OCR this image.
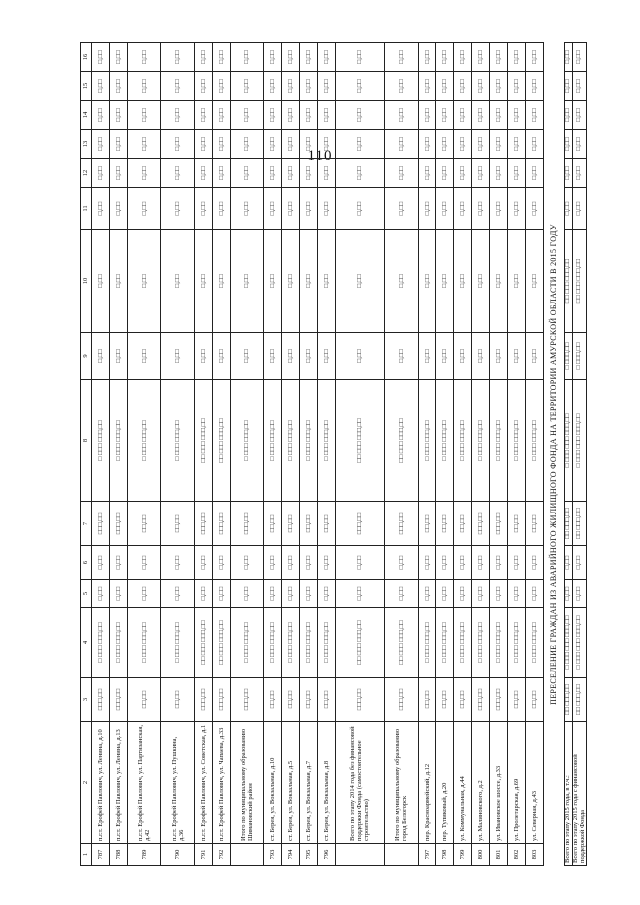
110
1	2	3	4	5	6	7	8	9	10	11	12	13	14	15	16
787	п.г.т. Ерофей Павлович, ул. Ленина, д.10	□□□,□□	□ □□□ □□□,□□	□,□□	□,□□	□□□,□□	□ □□□ □□□,□□	□,□□	□,□□	□,□□	□,□□	□,□□	□,□□	□,□□	□,□□
788	п.г.т. Ерофей Павлович, ул. Ленина, д.13	□□□,□□	□ □□□ □□□,□□	□,□□	□,□□	□□□,□□	□ □□□ □□□,□□	□,□□	□,□□	□,□□	□,□□	□,□□	□,□□	□,□□	□,□□
789	п.г.т. Ерофей Павлович, ул. Партизанская, д.42	□□,□□	□ □□□ □□□,□□	□,□□	□,□□	□□,□□	□ □□□ □□□,□□	□,□□	□,□□	□,□□	□,□□	□,□□	□,□□	□,□□	□,□□
790	п.г.т. Ерофей Павлович, ул. Пушкина, д.36	□□,□□	□ □□□ □□□,□□	□,□□	□,□□	□□,□□	□ □□□ □□□,□□	□,□□	□,□□	□,□□	□,□□	□,□□	□,□□	□,□□	□,□□
791	п.г.т. Ерофей Павлович, ул. Советская, д.1	□□□,□□	□□ □□□ □□□,□□	□,□□	□,□□	□□□,□□	□□ □□□ □□□,□□	□,□□	□,□□	□,□□	□,□□	□,□□	□,□□	□,□□	□,□□
792	п.г.т. Ерофей Павлович, ул. Чапаева, д.33	□□□,□□	□□ □□□ □□□,□□	□,□□	□,□□	□□□,□□	□□ □□□ □□□,□□	□,□□	□,□□	□,□□	□,□□	□,□□	□,□□	□,□□	□,□□
	Итого по муниципальному образованию Шимановский район	□□□,□□	□ □□□ □□□,□□	□,□□	□,□□	□□□,□□	□ □□□ □□□,□□	□,□□	□,□□	□,□□	□,□□	□,□□	□,□□	□,□□	□,□□
793	ст. Берея, ул. Вокзальная, д.10	□□,□□	□ □□□ □□□,□□	□,□□	□,□□	□□,□□	□ □□□ □□□,□□	□,□□	□,□□	□,□□	□,□□	□,□□	□,□□	□,□□	□,□□
794	ст. Берея, ул. Вокзальная, д.5	□□,□□	□ □□□ □□□,□□	□,□□	□,□□	□□,□□	□ □□□ □□□,□□	□,□□	□,□□	□,□□	□,□□	□,□□	□,□□	□,□□	□,□□
795	ст. Берея, ул. Вокзальная, д.7	□□,□□	□ □□□ □□□,□□	□,□□	□,□□	□□,□□	□ □□□ □□□,□□	□,□□	□,□□	□,□□	□,□□	□,□□	□,□□	□,□□	□,□□
796	ст. Берея, ул. Вокзальная, д.8	□□,□□	□ □□□ □□□,□□	□,□□	□,□□	□□,□□	□ □□□ □□□,□□	□,□□	□,□□	□,□□	□,□□	□,□□	□,□□	□,□□	□,□□
	Всего по этапу 2014 года без финансовой поддержки Фонда (самостоятельное строительство)	□□□,□□	□□ □□□ □□□,□□	□,□□	□,□□	□□□,□□	□□ □□□ □□□,□□	□,□□	□,□□	□,□□	□,□□	□,□□	□,□□	□,□□	□,□□
	Итого по муниципальному образованию город Белогорск	□□□,□□	□□ □□□ □□□,□□	□,□□	□,□□	□□□,□□	□□ □□□ □□□,□□	□,□□	□,□□	□,□□	□,□□	□,□□	□,□□	□,□□	□,□□
797	пер. Красноармейский, д.12	□□,□□	□ □□□ □□□,□□	□,□□	□,□□	□□,□□	□ □□□ □□□,□□	□,□□	□,□□	□,□□	□,□□	□,□□	□,□□	□,□□	□,□□
798	пер. Тупиковый, д.20	□□,□□	□ □□□ □□□,□□	□,□□	□,□□	□□,□□	□ □□□ □□□,□□	□,□□	□,□□	□,□□	□,□□	□,□□	□,□□	□,□□	□,□□
799	ул. Коммунальная, д.44	□□,□□	□ □□□ □□□,□□	□,□□	□,□□	□□,□□	□ □□□ □□□,□□	□,□□	□,□□	□,□□	□,□□	□,□□	□,□□	□,□□	□,□□
800	ул. Малиновского, д.2	□□□,□□	□ □□□ □□□,□□	□,□□	□,□□	□□□,□□	□ □□□ □□□,□□	□,□□	□,□□	□,□□	□,□□	□,□□	□,□□	□,□□	□,□□
801	ул. Ивановское шоссе, д.33	□□□,□□	□ □□□ □□□,□□	□,□□	□,□□	□□□,□□	□ □□□ □□□,□□	□,□□	□,□□	□,□□	□,□□	□,□□	□,□□	□,□□	□,□□
802	ул. Пролетарская, д.69	□□,□□	□ □□□ □□□,□□	□,□□	□,□□	□□,□□	□ □□□ □□□,□□	□,□□	□,□□	□,□□	□,□□	□,□□	□,□□	□,□□	□,□□
803	ул. Северная, д.43	□□,□□	□ □□□ □□□,□□	□,□□	□,□□	□□,□□	□ □□□ □□□,□□	□,□□	□,□□	□,□□	□,□□	□,□□	□,□□	□,□□	□,□□
ПЕРЕСЕЛЕНИЕ ГРАЖДАН ИЗ АВАРИЙНОГО ЖИЛИЩНОГО ФОНДА НА ТЕРРИТОРИИ АМУРСКОЙ ОБЛАСТИ В 2015 ГОДУ
Всего по этапу 2015 года, в т.ч.:	□□ □□□,□□	□ □□□ □□□ □□□,□□	□,□□	□,□□	□□ □□□,□□	□ □□□ □□□ □□□,□□	□ □□□,□□	□□ □□□ □□□,□□	□,□□	□,□□	□,□□	□,□□	□,□□	□,□□
Всего по этапу 2015 года с финансовой поддержкой Фонда	□□ □□□,□□	□ □□□ □□□ □□□,□□	□,□□	□,□□	□□ □□□,□□	□ □□□ □□□ □□□,□□	□ □□□,□□	□□ □□□ □□□,□□	□,□□	□,□□	□,□□	□,□□	□,□□	□,□□
